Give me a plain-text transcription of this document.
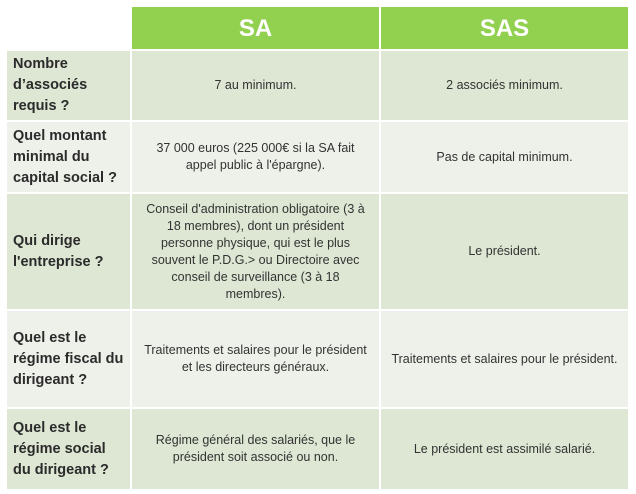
SA	SAS
Nombre d’associés requis ?
7 au minimum.	2 associés minimum.
Quel montant minimal du capital social ?
37 000 euros (225 000€ si la SA fait appel public à l'épargne).
Pas de capital minimum.
Qui dirige l'entreprise ?
Conseil d'administration obligatoire (3 à 18 membres), dont un président personne physique, qui est le plus souvent le P.D.G.> ou Directoire avec conseil de surveillance (3 à 18 membres).
Le président.
Quel est le régime fiscal du dirigeant ?
Traitements et salaires pour le président et les directeurs généraux.
Traitements et salaires pour le président.
Quel est le régime social du dirigeant ?
Régime général des salariés, que le président soit associé ou non.
Le président est assimilé salarié.
